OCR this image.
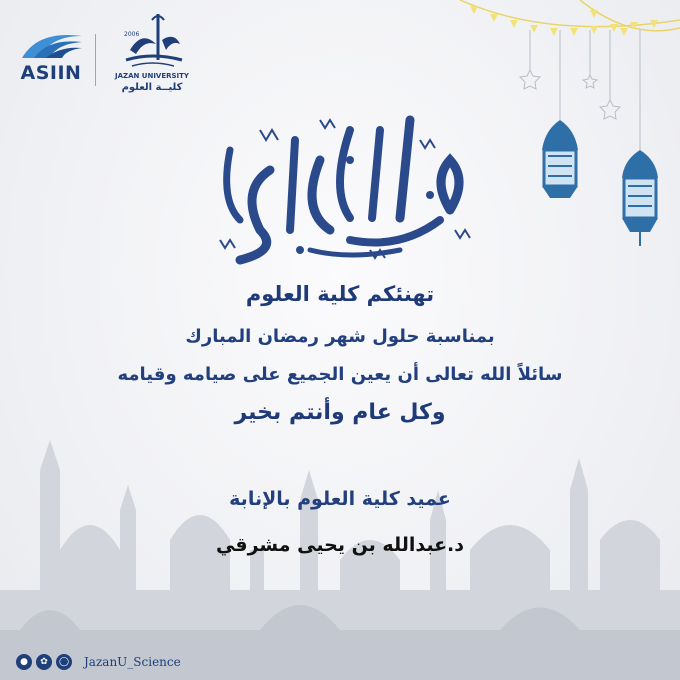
ASIIN
2006
JAZAN UNIVERSITY
كليــة العلوم
تهنئكم كلية العلوم
بمناسبة حلول شهر رمضان المبارك
سائلاً الله تعالى أن يعين الجميع على صيامه وقيامه
وكل عام وأنتم بخير
عميد كلية العلوم بالإنابة
د.عبدالله بن يحيى مشرقي
●	✿	◯ JazanU_Science
